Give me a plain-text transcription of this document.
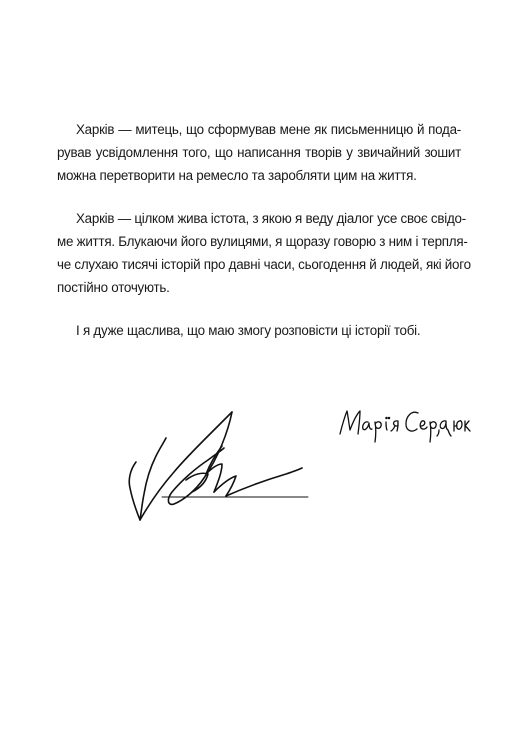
Харків — митець, що сформував мене як письменницю й пода-
рував усвідомлення того, що написання творів у звичайний зошит
можна перетворити на ремесло та заробляти цим на життя.

Харків — цілком жива істота, з якою я веду діалог усе своє свідо-
ме життя. Блукаючи його вулицями, я щоразу говорю з ним і терпля-
че слухаю тисячі історій про давні часи, сьогодення й людей, які його
постійно оточують.

І я дуже щаслива, що маю змогу розповісти ці історії тобі.
